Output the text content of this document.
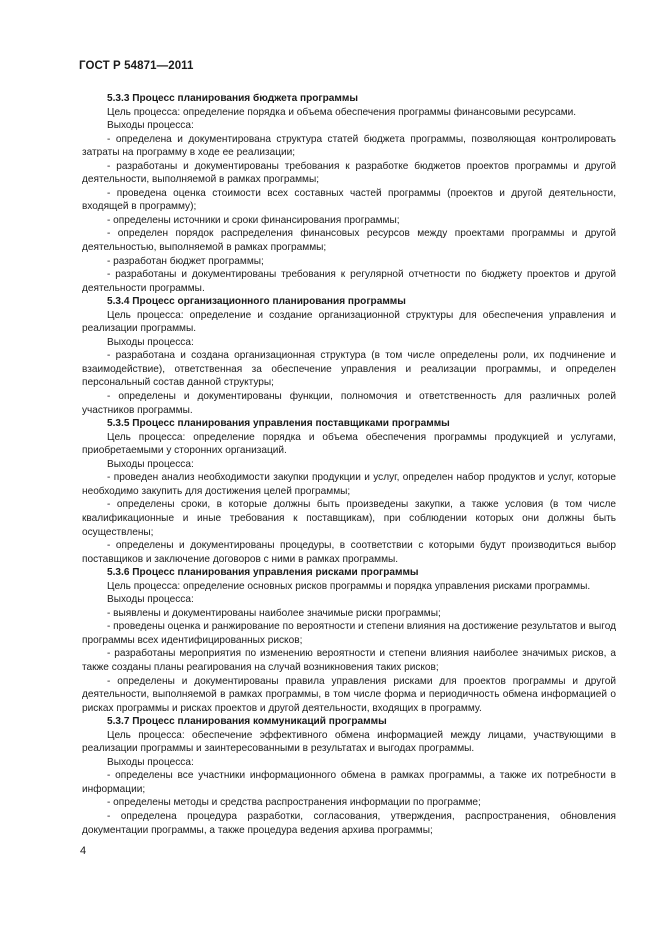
ГОСТ Р 54871—2011

5.3.3 Процесс планирования бюджета программы

Цель процесса: определение порядка и объема обеспечения программы финансовыми ресурсами.

Выходы процесса:

- определена и документирована структура статей бюджета программы, позволяющая контролировать затраты на программу в ходе ее реализации;

- разработаны и документированы требования к разработке бюджетов проектов программы и другой деятельности, выполняемой в рамках программы;

- проведена оценка стоимости всех составных частей программы (проектов и другой деятельности, входящей в программу);

- определены источники и сроки финансирования программы;

- определен порядок распределения финансовых ресурсов между проектами программы и другой деятельностью, выполняемой в рамках программы;

- разработан бюджет программы;

- разработаны и документированы требования к регулярной отчетности по бюджету проектов и другой деятельности программы.

5.3.4 Процесс организационного планирования программы

Цель процесса: определение и создание организационной структуры для обеспечения управления и реализации программы.

Выходы процесса:

- разработана и создана организационная структура (в том числе определены роли, их подчинение и взаимодействие), ответственная за обеспечение управления и реализации программы, и определен персональный состав данной структуры;

- определены и документированы функции, полномочия и ответственность для различных ролей участников программы.

5.3.5 Процесс планирования управления поставщиками программы

Цель процесса: определение порядка и объема обеспечения программы продукцией и услугами, приобретаемыми у сторонних организаций.

Выходы процесса:

- проведен анализ необходимости закупки продукции и услуг, определен набор продуктов и услуг, которые необходимо закупить для достижения целей программы;

- определены сроки, в которые должны быть произведены закупки, а также условия (в том числе квалификационные и иные требования к поставщикам), при соблюдении которых они должны быть осуществлены;

- определены и документированы процедуры, в соответствии с которыми будут производиться выбор поставщиков и заключение договоров с ними в рамках программы.

5.3.6 Процесс планирования управления рисками программы

Цель процесса: определение основных рисков программы и порядка управления рисками программы.

Выходы процесса:

- выявлены и документированы наиболее значимые риски программы;

- проведены оценка и ранжирование по вероятности и степени влияния на достижение результатов и выгод программы всех идентифицированных рисков;

- разработаны мероприятия по изменению вероятности и степени влияния наиболее значимых рисков, а также созданы планы реагирования на случай возникновения таких рисков;

- определены и документированы правила управления рисками для проектов программы и другой деятельности, выполняемой в рамках программы, в том числе форма и периодичность обмена информацией о рисках программы и рисках проектов и другой деятельности, входящих в программу.

5.3.7 Процесс планирования коммуникаций программы

Цель процесса: обеспечение эффективного обмена информацией между лицами, участвующими в реализации программы и заинтересованными в результатах и выгодах программы.

Выходы процесса:

- определены все участники информационного обмена в рамках программы, а также их потребности в информации;

- определены методы и средства распространения информации по программе;

- определена процедура разработки, согласования, утверждения, распространения, обновления документации программы, а также процедура ведения архива программы;

4
